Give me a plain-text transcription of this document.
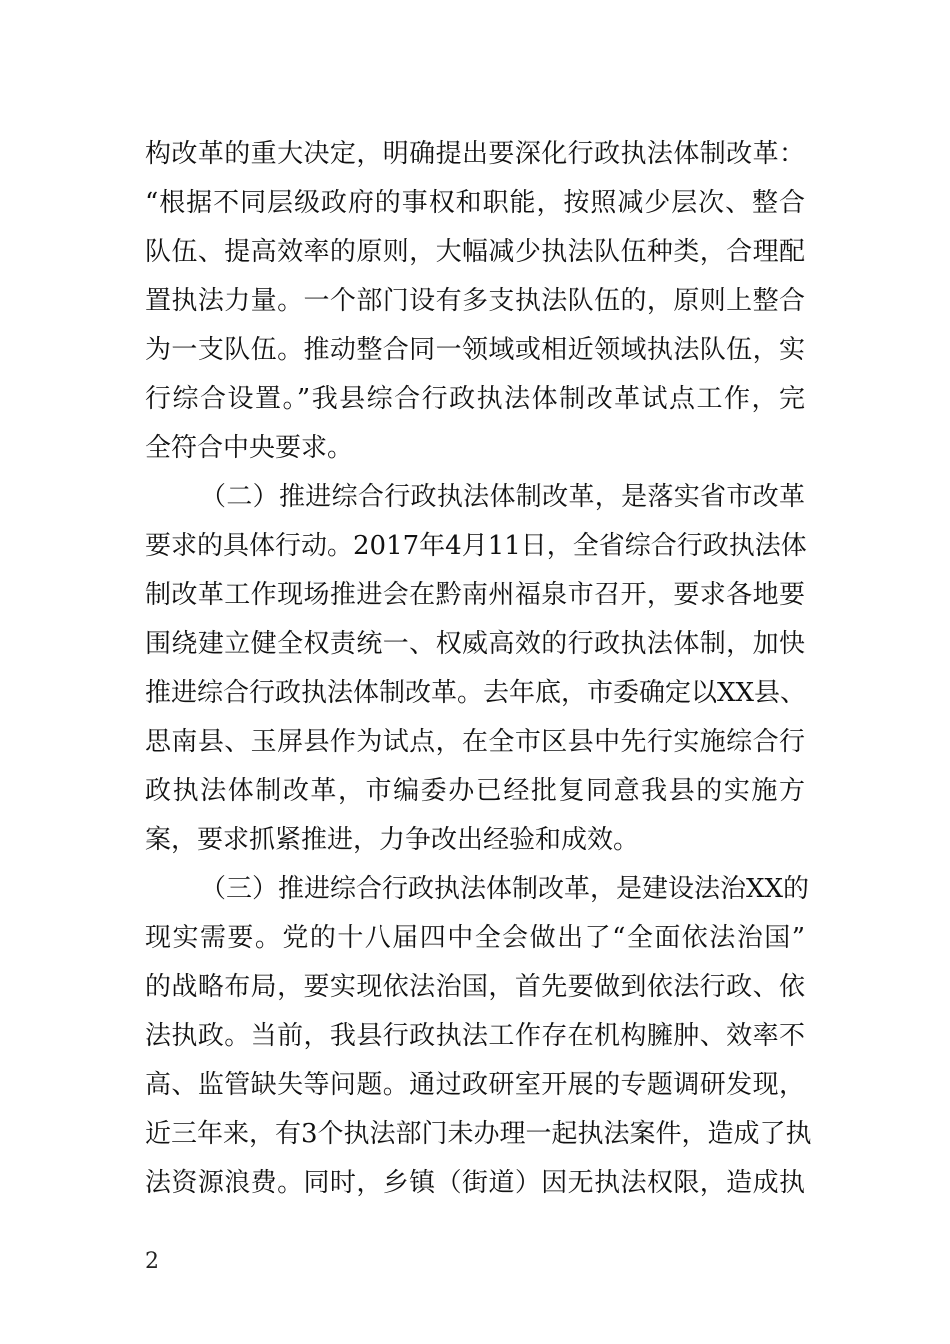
构改革的重大决定，明确提出要深化行政执法体制改革：
“根据不同层级政府的事权和职能，按照减少层次、整合
队伍、提高效率的原则，大幅减少执法队伍种类，合理配
置执法力量。一个部门设有多支执法队伍的，原则上整合
为一支队伍。推动整合同一领域或相近领域执法队伍，实
行综合设置。”我县综合行政执法体制改革试点工作，完
全符合中央要求。
（二）推进综合行政执法体制改革，是落实省市改革
要求的具体行动。2017年4月11日，全省综合行政执法体
制改革工作现场推进会在黔南州福泉市召开，要求各地要
围绕建立健全权责统一、权威高效的行政执法体制，加快
推进综合行政执法体制改革。去年底，市委确定以XX县、
思南县、玉屏县作为试点，在全市区县中先行实施综合行
政执法体制改革，市编委办已经批复同意我县的实施方
案，要求抓紧推进，力争改出经验和成效。
（三）推进综合行政执法体制改革，是建设法治XX的
现实需要。党的十八届四中全会做出了“全面依法治国”
的战略布局，要实现依法治国，首先要做到依法行政、依
法执政。当前，我县行政执法工作存在机构臃肿、效率不
高、监管缺失等问题。通过政研室开展的专题调研发现，
近三年来，有3个执法部门未办理一起执法案件，造成了执
法资源浪费。同时，乡镇（街道）因无执法权限，造成执
2
